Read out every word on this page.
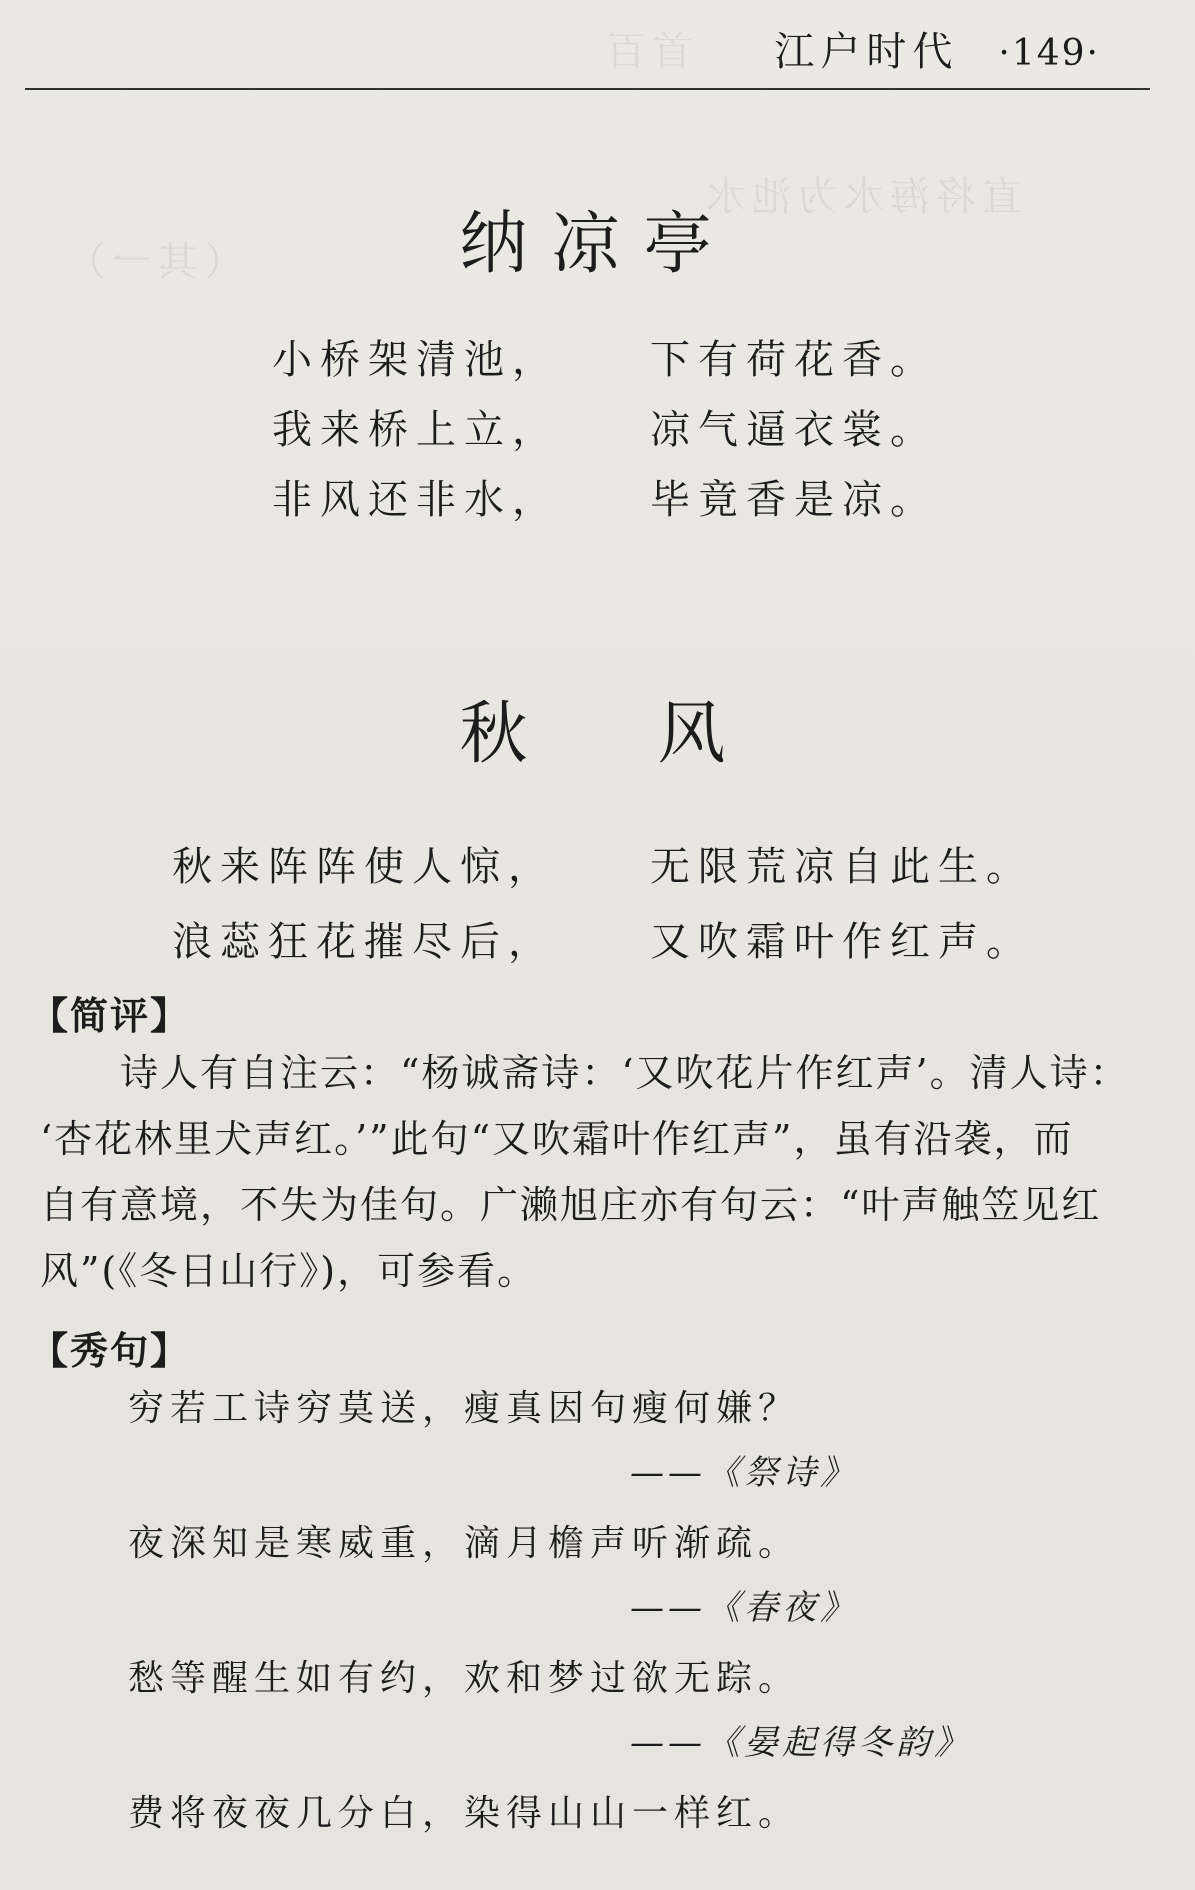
首百
直将海水为池水
（其一）
江户时代 ·149·
纳凉亭
小桥架清池， 下有荷花香。
我来桥上立， 凉气逼衣裳。
非风还非水， 毕竟香是凉。
秋风
秋来阵阵使人惊， 无限荒凉自此生。
浪蕊狂花摧尽后， 又吹霜叶作红声。
【简评】
诗人有自注云：“杨诚斋诗：‘又吹花片作红声’。清人诗：
‘杏花林里犬声红。’”此句“又吹霜叶作红声”，虽有沿袭，而
自有意境，不失为佳句。广濑旭庄亦有句云：“叶声触笠见红
风”(《冬日山行》)，可参看。
【秀句】
穷若工诗穷莫送，瘦真因句瘦何嫌？
——《祭诗》
夜深知是寒威重，滴月檐声听渐疏。
——《春夜》
愁等醒生如有约，欢和梦过欲无踪。
——《晏起得冬韵》
费将夜夜几分白，染得山山一样红。
